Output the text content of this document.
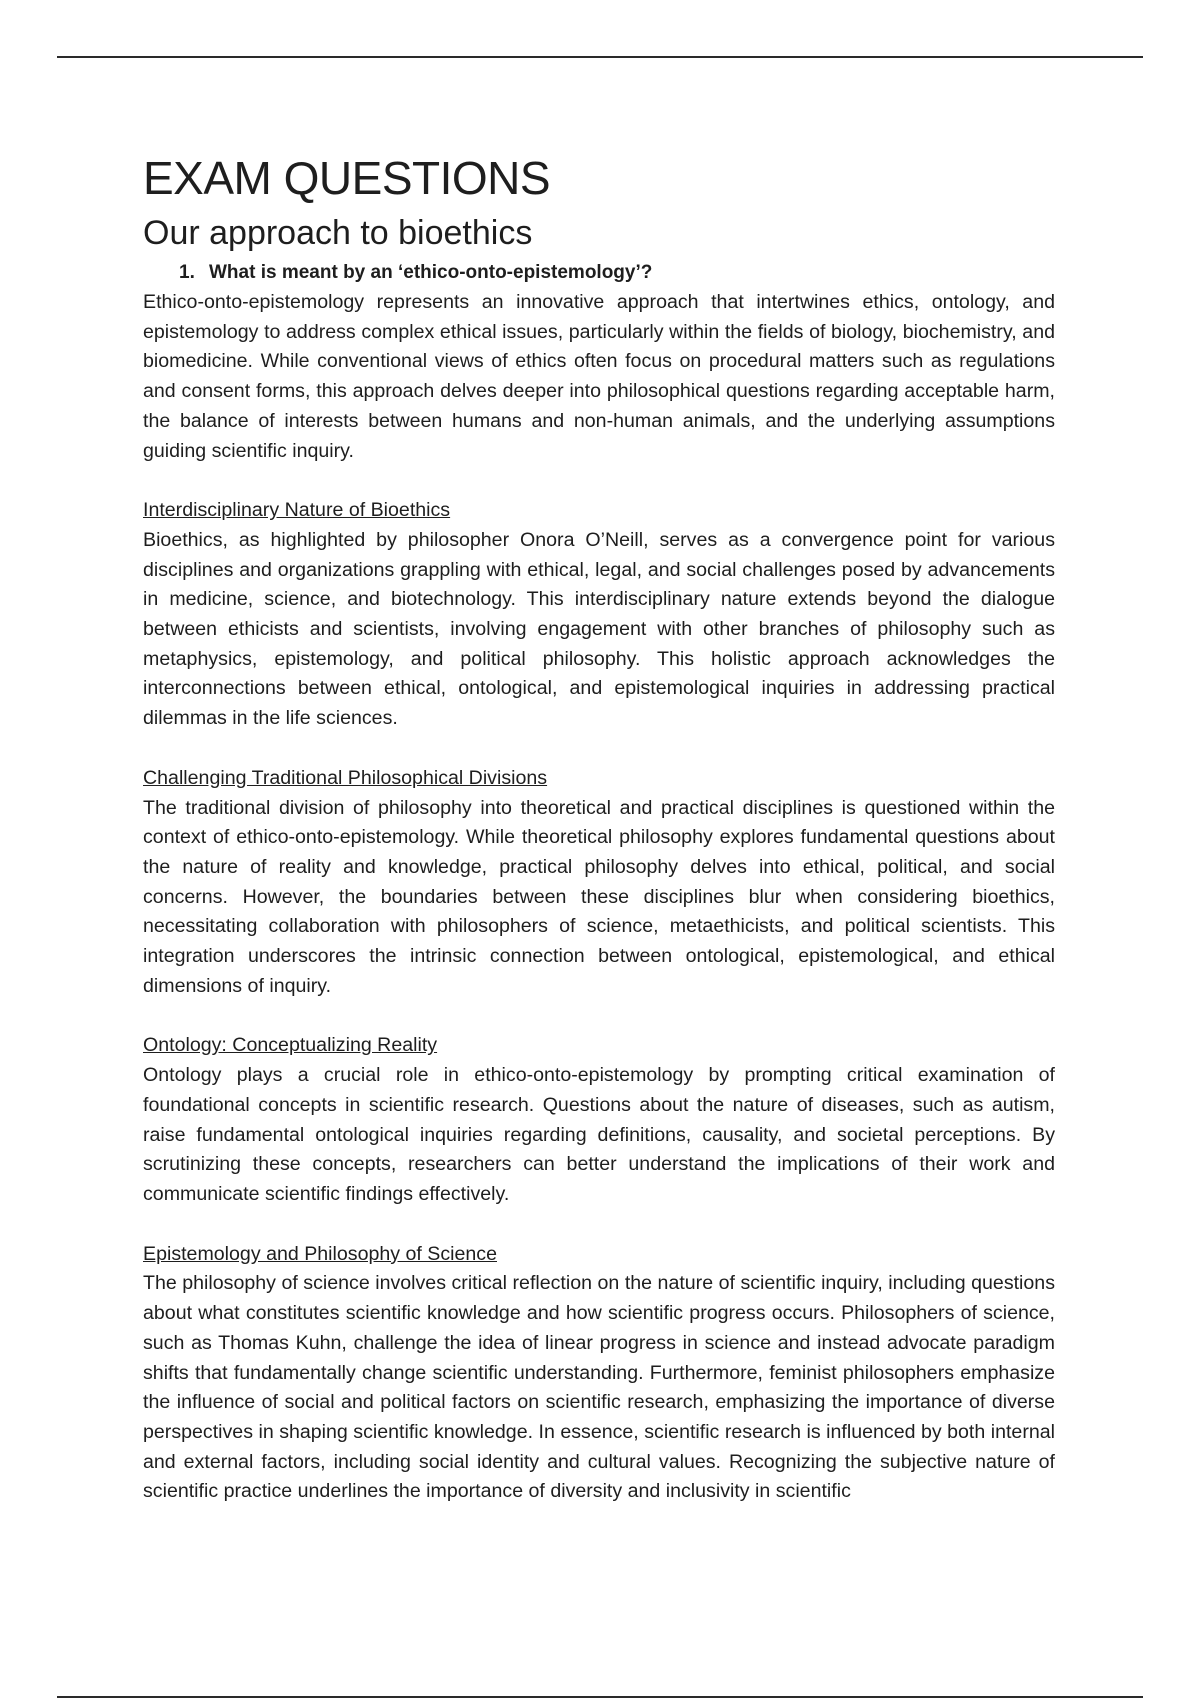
EXAM QUESTIONS
Our approach to bioethics

1. What is meant by an ‘ethico-onto-epistemology’?

Ethico-onto-epistemology represents an innovative approach that intertwines ethics, ontology, and epistemology to address complex ethical issues, particularly within the fields of biology, biochemistry, and biomedicine. While conventional views of ethics often focus on procedural matters such as regulations and consent forms, this approach delves deeper into philosophical questions regarding acceptable harm, the balance of interests between humans and non-human animals, and the underlying assumptions guiding scientific inquiry.

Interdisciplinary Nature of Bioethics

Bioethics, as highlighted by philosopher Onora O’Neill, serves as a convergence point for various disciplines and organizations grappling with ethical, legal, and social challenges posed by advancements in medicine, science, and biotechnology. This interdisciplinary nature extends beyond the dialogue between ethicists and scientists, involving engagement with other branches of philosophy such as metaphysics, epistemology, and political philosophy. This holistic approach acknowledges the interconnections between ethical, ontological, and epistemological inquiries in addressing practical dilemmas in the life sciences.

Challenging Traditional Philosophical Divisions

The traditional division of philosophy into theoretical and practical disciplines is questioned within the context of ethico-onto-epistemology. While theoretical philosophy explores fundamental questions about the nature of reality and knowledge, practical philosophy delves into ethical, political, and social concerns. However, the boundaries between these disciplines blur when considering bioethics, necessitating collaboration with philosophers of science, metaethicists, and political scientists. This integration underscores the intrinsic connection between ontological, epistemological, and ethical dimensions of inquiry.

Ontology: Conceptualizing Reality

Ontology plays a crucial role in ethico-onto-epistemology by prompting critical examination of foundational concepts in scientific research. Questions about the nature of diseases, such as autism, raise fundamental ontological inquiries regarding definitions, causality, and societal perceptions. By scrutinizing these concepts, researchers can better understand the implications of their work and communicate scientific findings effectively.

Epistemology and Philosophy of Science

The philosophy of science involves critical reflection on the nature of scientific inquiry, including questions about what constitutes scientific knowledge and how scientific progress occurs. Philosophers of science, such as Thomas Kuhn, challenge the idea of linear progress in science and instead advocate paradigm shifts that fundamentally change scientific understanding. Furthermore, feminist philosophers emphasize the influence of social and political factors on scientific research, emphasizing the importance of diverse perspectives in shaping scientific knowledge. In essence, scientific research is influenced by both internal and external factors, including social identity and cultural values. Recognizing the subjective nature of scientific practice underlines the importance of diversity and inclusivity in scientific
